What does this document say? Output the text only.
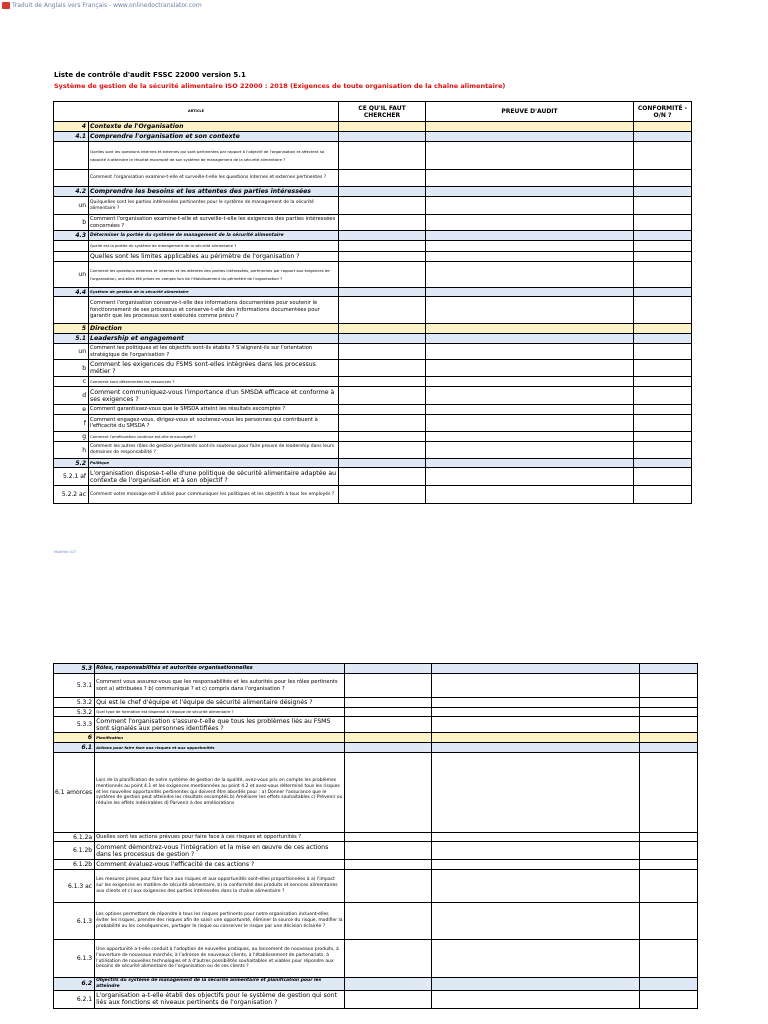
Traduit de Anglais vers Français - www.onlinedoctranslator.com
Liste de contrôle d'audit FSSC 22000 version 5.1
Système de gestion de la sécurité alimentaire ISO 22000 : 2018 (Exigences de toute organisation de la chaîne alimentaire)
ARTICLE		CE QU'IL FAUT CHERCHER	PREUVE D'AUDIT	CONFORMITÉ - O/N ?
4	Contexte de l'Organisation			
4.1	Comprendre l'organisation et son contexte			
	Quelles sont les questions internes et externes qui sont pertinentes par rapport à l'objectif de l'organisation et affectent sa capacité à atteindre le résultat escompté de son système de management de la sécurité alimentaire ?			
	Comment l'organisation examine-t-elle et surveille-t-elle les questions internes et externes pertinentes ?			
4.2	Comprendre les besoins et les attentes des parties intéressées			
un	Qui/quelles sont les parties intéressées pertinentes pour le système de management de la sécurité alimentaire ?			
b	Comment l'organisation examine-t-elle et surveille-t-elle les exigences des parties intéressées concernées ?			
4.3	Déterminer la portée du système de management de la sécurité alimentaire			
	Quelle est la portée du système de management de la sécurité alimentaire ?			
	Quelles sont les limites applicables au périmètre de l'organisation ?			
un	Comment les questions externes et internes et les attentes des parties intéressées, pertinentes par rapport aux exigences de l'organisation, ont-elles été prises en compte lors de l'établissement du périmètre de l'organisation ?			
4.4	Système de gestion de la sécurité alimentaire			
	Comment l'organisation conserve-t-elle des informations documentées pour soutenir le fonctionnement de ses processus et conserve-t-elle des informations documentées pour garantir que les processus sont exécutés comme prévu ?			
5	Direction			
5.1	Leadership et engagement			
un	Comment les politiques et les objectifs sont-ils établis ? S'alignent-ils sur l'orientation stratégique de l'organisation ?			
b	Comment les exigences du FSMS sont-elles intégrées dans les processus métier ?			
c	Comment sont déterminées les ressources ?			
d	Comment communiquez-vous l'importance d'un SMSDA efficace et conforme à ses exigences ?			
e	Comment garantissez-vous que le SMSDA atteint les résultats escomptés ?			
f	Comment engagez-vous, dirigez-vous et soutenez-vous les personnes qui contribuent à l'efficacité du SMSDA ?			
g	Comment l'amélioration continue est-elle encouragée ?			
h	Comment les autres rôles de gestion pertinents sont-ils soutenus pour faire preuve de leadership dans leurs domaines de responsabilité ?			
5.2	Politique			
5.2.1 af	L'organisation dispose-t-elle d'une politique de sécurité alimentaire adaptée au contexte de l'organisation et à son objectif ?			
5.2.2 ac	Comment votre message est-il utilisé pour communiquer les politiques et les objectifs à tous les employés ?			
Modifiez 427
5.3	Rôles, responsabilités et autorités organisationnelles			
5.3.1	Comment vous assurez-vous que les responsabilités et les autorités pour les rôles pertinents sont a) attribuées ? b) communiqué ? et c) compris dans l'organisation ?			
5.3.2	Qui est le chef d'équipe et l'équipe de sécurité alimentaire désignés ?			
5.3.2	Quel type de formation est dispensé à l'équipe de sécurité alimentaire ?			
5.3.3	Comment l'organisation s'assure-t-elle que tous les problèmes liés au FSMS sont signalés aux personnes identifiées ?			
6	Planification			
6.1	Actions pour faire face aux risques et aux opportunités			
6.1 amorces	Lors de la planification de notre système de gestion de la qualité, avez-vous pris en compte les problèmes mentionnés au point 4.1 et les exigences mentionnées au point 4.2 et avez-vous déterminé tous les risques et les nouvelles opportunités pertinentes qui doivent être abordés pour : a) Donner l'assurance que le système de gestion peut atteindre les résultats escomptés b) Améliorer les effets souhaitables c) Prévenir ou réduire les effets indésirables d) Parvenir à des améliorations			
6.1.2a	Quelles sont les actions prévues pour faire face à ces risques et opportunités ?			
6.1.2b	Comment démontrez-vous l'intégration et la mise en œuvre de ces actions dans les processus de gestion ?			
6.1.2b	Comment évaluez-vous l'efficacité de ces actions ?			
6.1.3 ac	Les mesures prises pour faire face aux risques et aux opportunités sont-elles proportionnées à a) l'impact sur les exigences en matière de sécurité alimentaire, b) la conformité des produits et services alimentaires aux clients et c) aux exigences des parties intéressées dans la chaîne alimentaire ?			
6.1.3	Les options permettant de répondre à tous les risques pertinents pour notre organisation incluent-elles éviter les risques, prendre des risques afin de saisir une opportunité, éliminer la source du risque, modifier la probabilité ou les conséquences, partager le risque ou conserver le risque par une décision éclairée ?			
6.1.3	Une opportunité a-t-elle conduit à l'adoption de nouvelles pratiques, au lancement de nouveaux produits, à l'ouverture de nouveaux marchés, à l'adresse de nouveaux clients, à l'établissement de partenariats, à l'utilisation de nouvelles technologies et à d'autres possibilités souhaitables et viables pour répondre aux besoins de sécurité alimentaire de l'organisation ou de ses clients ?			
6.2	Objectifs du système de management de la sécurité alimentaire et planification pour les atteindre			
6.2.1	L'organisation a-t-elle établi des objectifs pour le système de gestion qui sont liés aux fonctions et niveaux pertinents de l'organisation ?			
